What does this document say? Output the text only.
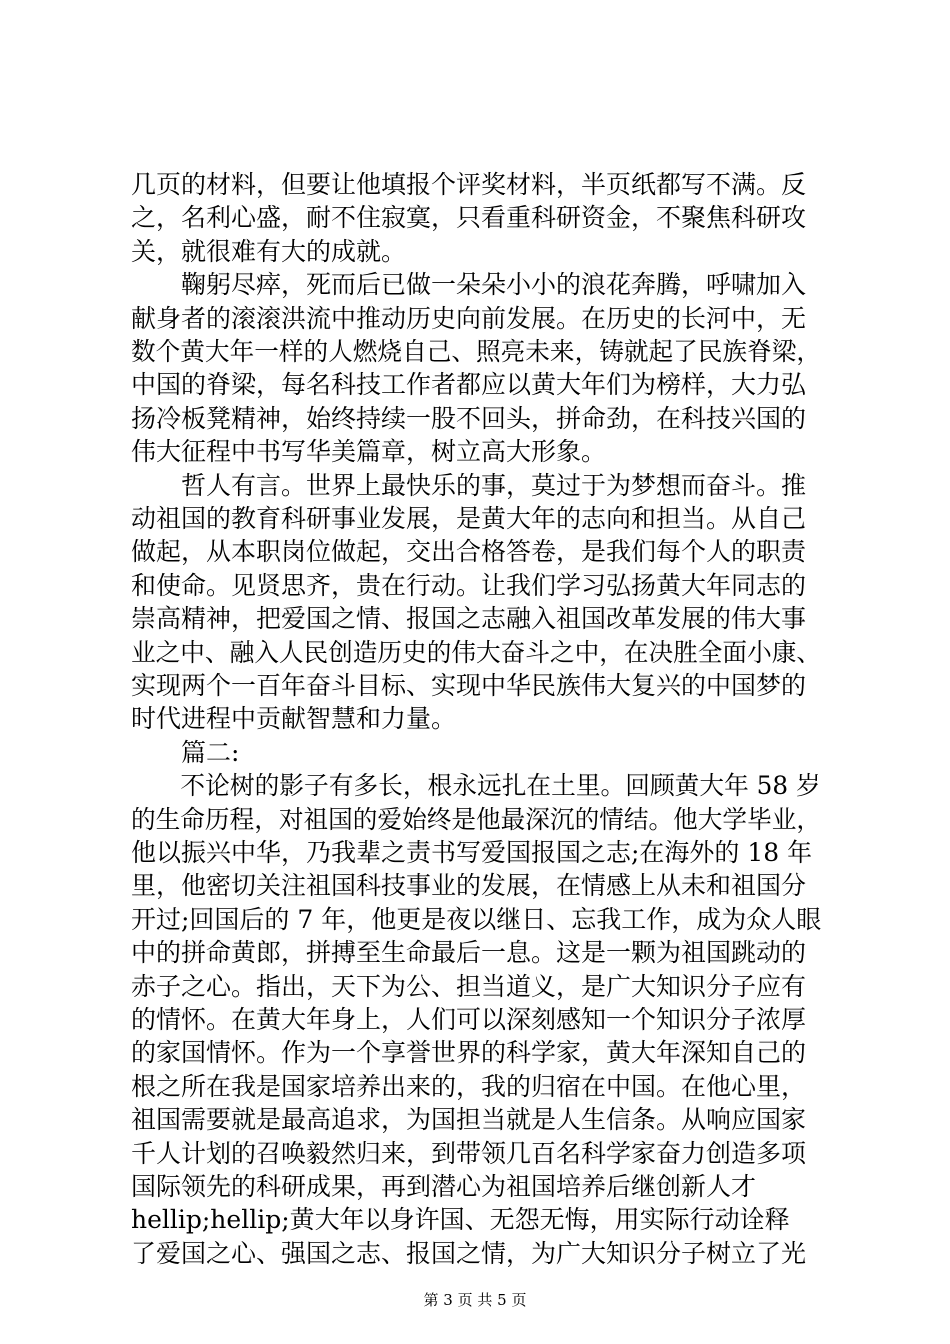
几页的材料，但要让他填报个评奖材料，半页纸都写不满。反
之，名利心盛，耐不住寂寞，只看重科研资金，不聚焦科研攻
关，就很难有大的成就。
　　鞠躬尽瘁，死而后已做一朵朵小小的浪花奔腾，呼啸加入
献身者的滚滚洪流中推动历史向前发展。在历史的长河中，无
数个黄大年一样的人燃烧自己、照亮未来，铸就起了民族脊梁，
中国的脊梁，每名科技工作者都应以黄大年们为榜样，大力弘
扬冷板凳精神，始终持续一股不回头，拼命劲，在科技兴国的
伟大征程中书写华美篇章，树立高大形象。
　　哲人有言。世界上最快乐的事，莫过于为梦想而奋斗。推
动祖国的教育科研事业发展，是黄大年的志向和担当。从自己
做起，从本职岗位做起，交出合格答卷，是我们每个人的职责
和使命。见贤思齐，贵在行动。让我们学习弘扬黄大年同志的
崇高精神，把爱国之情、报国之志融入祖国改革发展的伟大事
业之中、融入人民创造历史的伟大奋斗之中，在决胜全面小康、
实现两个一百年奋斗目标、实现中华民族伟大复兴的中国梦的
时代进程中贡献智慧和力量。
　　篇二:
　　不论树的影子有多长，根永远扎在土里。回顾黄大年 58 岁
的生命历程，对祖国的爱始终是他最深沉的情结。他大学毕业，
他以振兴中华，乃我辈之责书写爱国报国之志;在海外的 18 年
里，他密切关注祖国科技事业的发展，在情感上从未和祖国分
开过;回国后的 7 年，他更是夜以继日、忘我工作，成为众人眼
中的拼命黄郎，拼搏至生命最后一息。这是一颗为祖国跳动的
赤子之心。指出，天下为公、担当道义，是广大知识分子应有
的情怀。在黄大年身上，人们可以深刻感知一个知识分子浓厚
的家国情怀。作为一个享誉世界的科学家，黄大年深知自己的
根之所在我是国家培养出来的，我的归宿在中国。在他心里，
祖国需要就是最高追求，为国担当就是人生信条。从响应国家
千人计划的召唤毅然归来，到带领几百名科学家奋力创造多项
国际领先的科研成果，再到潜心为祖国培养后继创新人才
hellip;hellip;黄大年以身许国、无怨无悔，用实际行动诠释
了爱国之心、强国之志、报国之情，为广大知识分子树立了光
第 3 页 共 5 页
